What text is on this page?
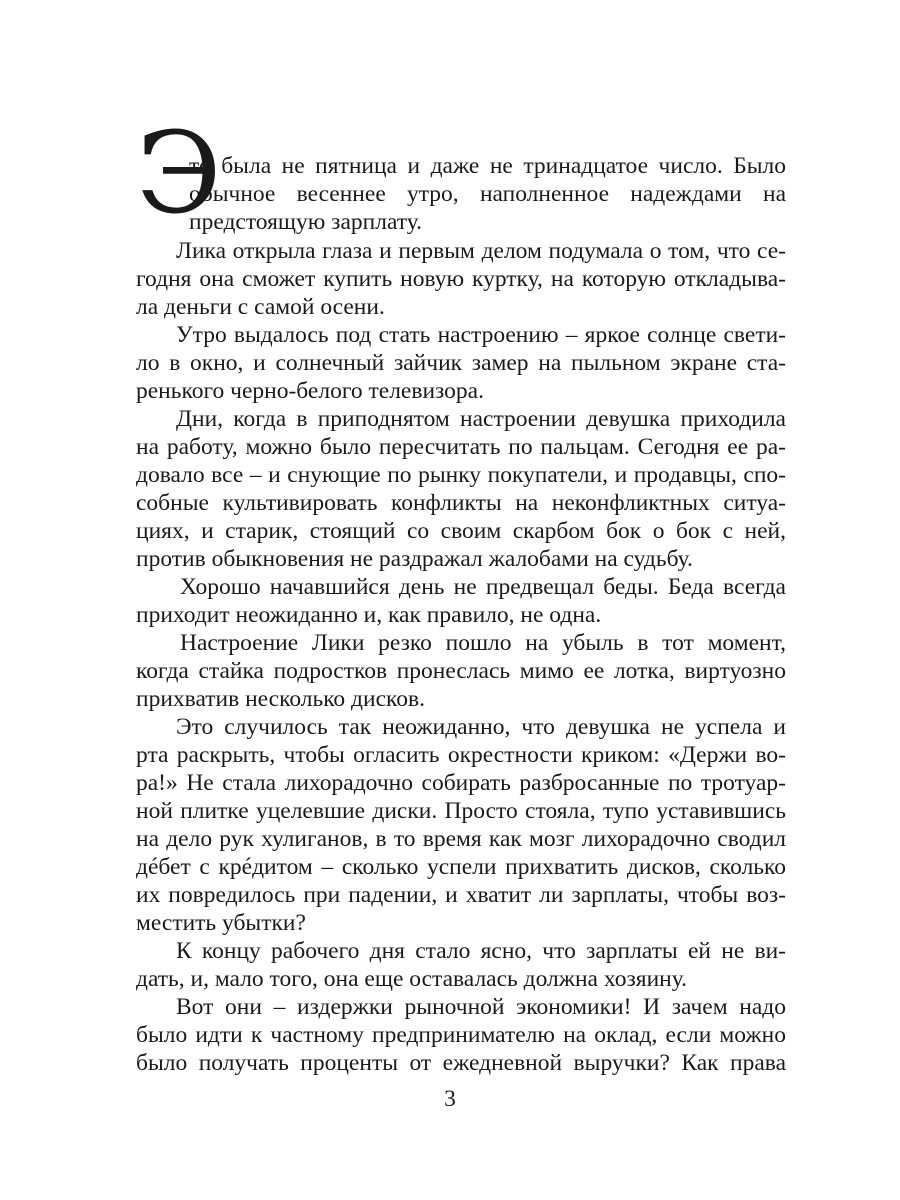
Э
то была не пятница и даже не тринадцатое число. Было
обычное весеннее утро, наполненное надеждами на
предстоящую зарплату.
Лика открыла глаза и первым делом подумала о том, что се-
годня она сможет купить новую куртку, на которую откладыва-
ла деньги с самой осени.
Утро выдалось под стать настроению – яркое солнце свети-
ло в окно, и солнечный зайчик замер на пыльном экране ста-
ренького черно-белого телевизора.
Дни, когда в приподнятом настроении девушка приходила
на работу, можно было пересчитать по пальцам. Сегодня ее ра-
довало все – и снующие по рынку покупатели, и продавцы, спо-
собные культивировать конфликты на неконфликтных ситуа-
циях, и старик, стоящий со своим скарбом бок о бок с ней,
против обыкновения не раздражал жалобами на судьбу.
Хорошо начавшийся день не предвещал беды. Беда всегда
приходит неожиданно и, как правило, не одна.
Настроение Лики резко пошло на убыль в тот момент,
когда стайка подростков пронеслась мимо ее лотка, виртуозно
прихватив несколько дисков.
Это случилось так неожиданно, что девушка не успела и
рта раскрыть, чтобы огласить окрестности криком: «Держи во-
ра!» Не стала лихорадочно собирать разбросанные по тротуар-
ной плитке уцелевшие диски. Просто стояла, тупо уставившись
на дело рук хулиганов, в то время как мозг лихорадочно сводил
дéбет с крéдитом – сколько успели прихватить дисков, сколько
их повредилось при падении, и хватит ли зарплаты, чтобы воз-
местить убытки?
К концу рабочего дня стало ясно, что зарплаты ей не ви-
дать, и, мало того, она еще оставалась должна хозяину.
Вот они – издержки рыночной экономики! И зачем надо
было идти к частному предпринимателю на оклад, если можно
было получать проценты от ежедневной выручки? Как права
3
